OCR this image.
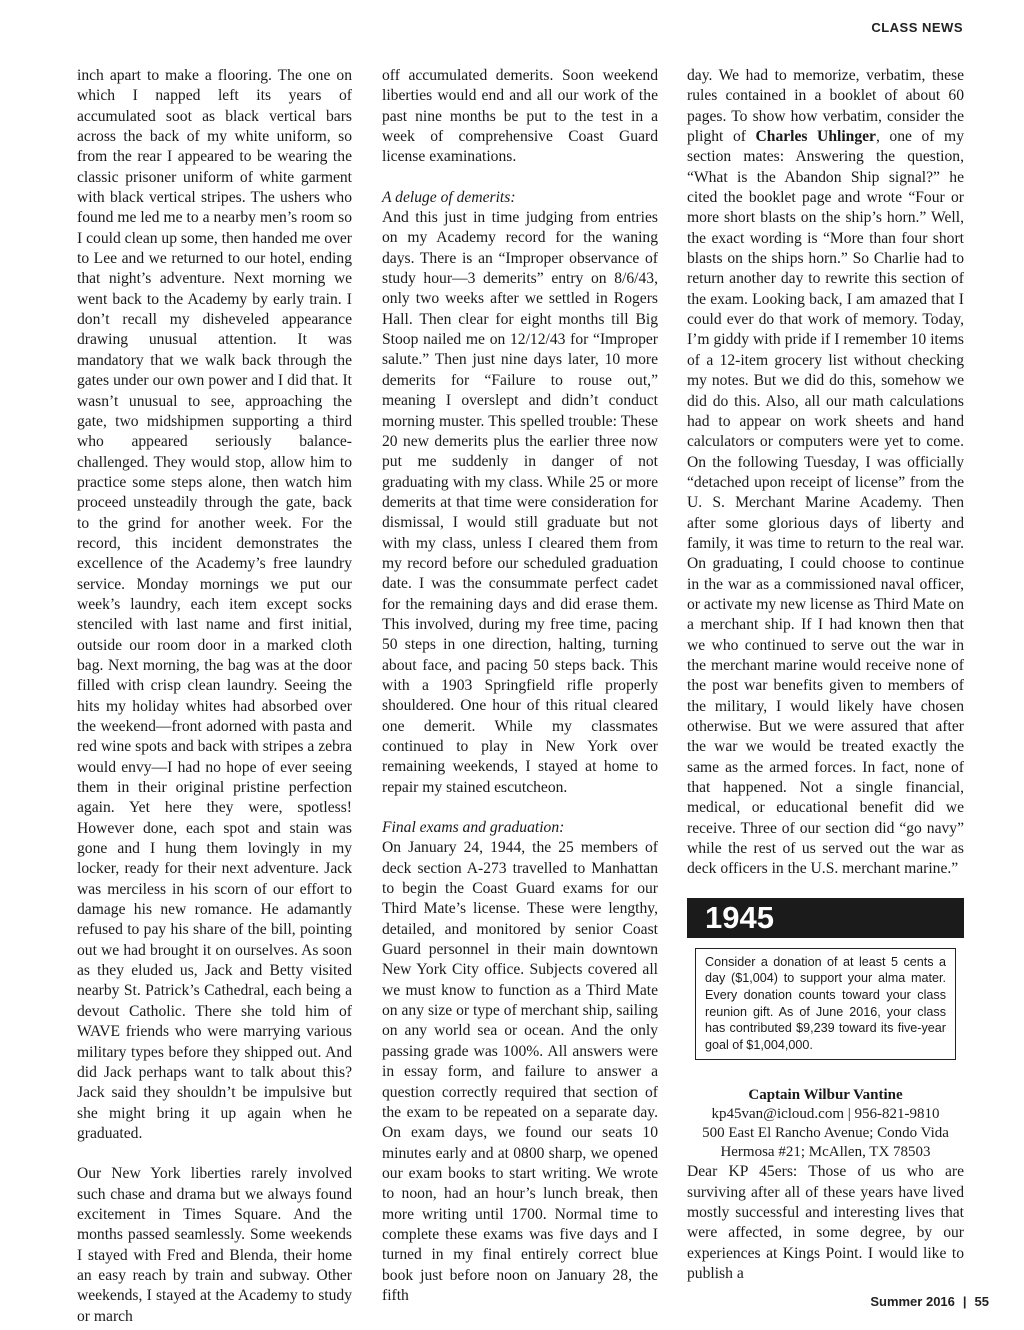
CLASS NEWS

inch apart to make a flooring. The one on which I napped left its years of accumulated soot as black vertical bars across the back of my white uniform, so from the rear I appeared to be wearing the classic prisoner uniform of white garment with black vertical stripes. The ushers who found me led me to a nearby men’s room so I could clean up some, then handed me over to Lee and we returned to our hotel, ending that night’s adventure. Next morning we went back to the Academy by early train. I don’t recall my disheveled appearance drawing unusual attention. It was mandatory that we walk back through the gates under our own power and I did that. It wasn’t unusual to see, approaching the gate, two midshipmen supporting a third who appeared seriously balance-challenged. They would stop, allow him to practice some steps alone, then watch him proceed unsteadily through the gate, back to the grind for another week. For the record, this incident demonstrates the excellence of the Academy’s free laundry service. Monday mornings we put our week’s laundry, each item except socks stenciled with last name and first initial, outside our room door in a marked cloth bag. Next morning, the bag was at the door filled with crisp clean laundry. Seeing the hits my holiday whites had absorbed over the weekend—front adorned with pasta and red wine spots and back with stripes a zebra would envy—I had no hope of ever seeing them in their original pristine perfection again. Yet here they were, spotless! However done, each spot and stain was gone and I hung them lovingly in my locker, ready for their next adventure. Jack was merciless in his scorn of our effort to damage his new romance. He adamantly refused to pay his share of the bill, pointing out we had brought it on ourselves. As soon as they eluded us, Jack and Betty visited nearby St. Patrick’s Cathedral, each being a devout Catholic. There she told him of WAVE friends who were marrying various military types before they shipped out. And did Jack perhaps want to talk about this? Jack said they shouldn’t be impulsive but she might bring it up again when he graduated.

Our New York liberties rarely involved such chase and drama but we always found excitement in Times Square. And the months passed seamlessly. Some weekends I stayed with Fred and Blenda, their home an easy reach by train and subway. Other weekends, I stayed at the Academy to study or march

off accumulated demerits. Soon weekend liberties would end and all our work of the past nine months be put to the test in a week of comprehensive Coast Guard license examinations.

A deluge of demerits:

And this just in time judging from entries on my Academy record for the waning days. There is an “Improper observance of study hour—3 demerits” entry on 8/6/43, only two weeks after we settled in Rogers Hall. Then clear for eight months till Big Stoop nailed me on 12/12/43 for “Improper salute.” Then just nine days later, 10 more demerits for “Failure to rouse out,” meaning I overslept and didn’t conduct morning muster. This spelled trouble: These 20 new demerits plus the earlier three now put me suddenly in danger of not graduating with my class. While 25 or more demerits at that time were consideration for dismissal, I would still graduate but not with my class, unless I cleared them from my record before our scheduled graduation date. I was the consummate perfect cadet for the remaining days and did erase them. This involved, during my free time, pacing 50 steps in one direction, halting, turning about face, and pacing 50 steps back. This with a 1903 Springfield rifle properly shouldered. One hour of this ritual cleared one demerit. While my classmates continued to play in New York over remaining weekends, I stayed at home to repair my stained escutcheon.

Final exams and graduation:

On January 24, 1944, the 25 members of deck section A-273 travelled to Manhattan to begin the Coast Guard exams for our Third Mate’s license. These were lengthy, detailed, and monitored by senior Coast Guard personnel in their main downtown New York City office. Subjects covered all we must know to function as a Third Mate on any size or type of merchant ship, sailing on any world sea or ocean. And the only passing grade was 100%. All answers were in essay form, and failure to answer a question correctly required that section of the exam to be repeated on a separate day. On exam days, we found our seats 10 minutes early and at 0800 sharp, we opened our exam books to start writing. We wrote to noon, had an hour’s lunch break, then more writing until 1700. Normal time to complete these exams was five days and I turned in my final entirely correct blue book just before noon on January 28, the fifth

day. We had to memorize, verbatim, these rules contained in a booklet of about 60 pages. To show how verbatim, consider the plight of Charles Uhlinger, one of my section mates: Answering the question, “What is the Abandon Ship signal?” he cited the booklet page and wrote “Four or more short blasts on the ship’s horn.” Well, the exact wording is “More than four short blasts on the ships horn.” So Charlie had to return another day to rewrite this section of the exam. Looking back, I am amazed that I could ever do that work of memory. Today, I’m giddy with pride if I remember 10 items of a 12-item grocery list without checking my notes. But we did do this, somehow we did do this. Also, all our math calculations had to appear on work sheets and hand calculators or computers were yet to come. On the following Tuesday, I was officially “detached upon receipt of license” from the U. S. Merchant Marine Academy. Then after some glorious days of liberty and family, it was time to return to the real war. On graduating, I could choose to continue in the war as a commissioned naval officer, or activate my new license as Third Mate on a merchant ship. If I had known then that we who continued to serve out the war in the merchant marine would receive none of the post war benefits given to members of the military, I would likely have chosen otherwise. But we were assured that after the war we would be treated exactly the same as the armed forces. In fact, none of that happened. Not a single financial, medical, or educational benefit did we receive. Three of our section did “go navy” while the rest of us served out the war as deck officers in the U.S. merchant marine.”

1945
Consider a donation of at least 5 cents a day ($1,004) to support your alma mater. Every donation counts toward your class reunion gift. As of June 2016, your class has contributed $9,239 toward its five-year goal of $1,004,000.
Captain Wilbur Vantine
kp45van@icloud.com | 956-821-9810
500 East El Rancho Avenue; Condo Vida
Hermosa #21; McAllen, TX 78503

Dear KP 45ers: Those of us who are surviving after all of these years have lived mostly successful and interesting lives that were affected, in some degree, by our experiences at Kings Point. I would like to publish a

Summer 2016 | 55
